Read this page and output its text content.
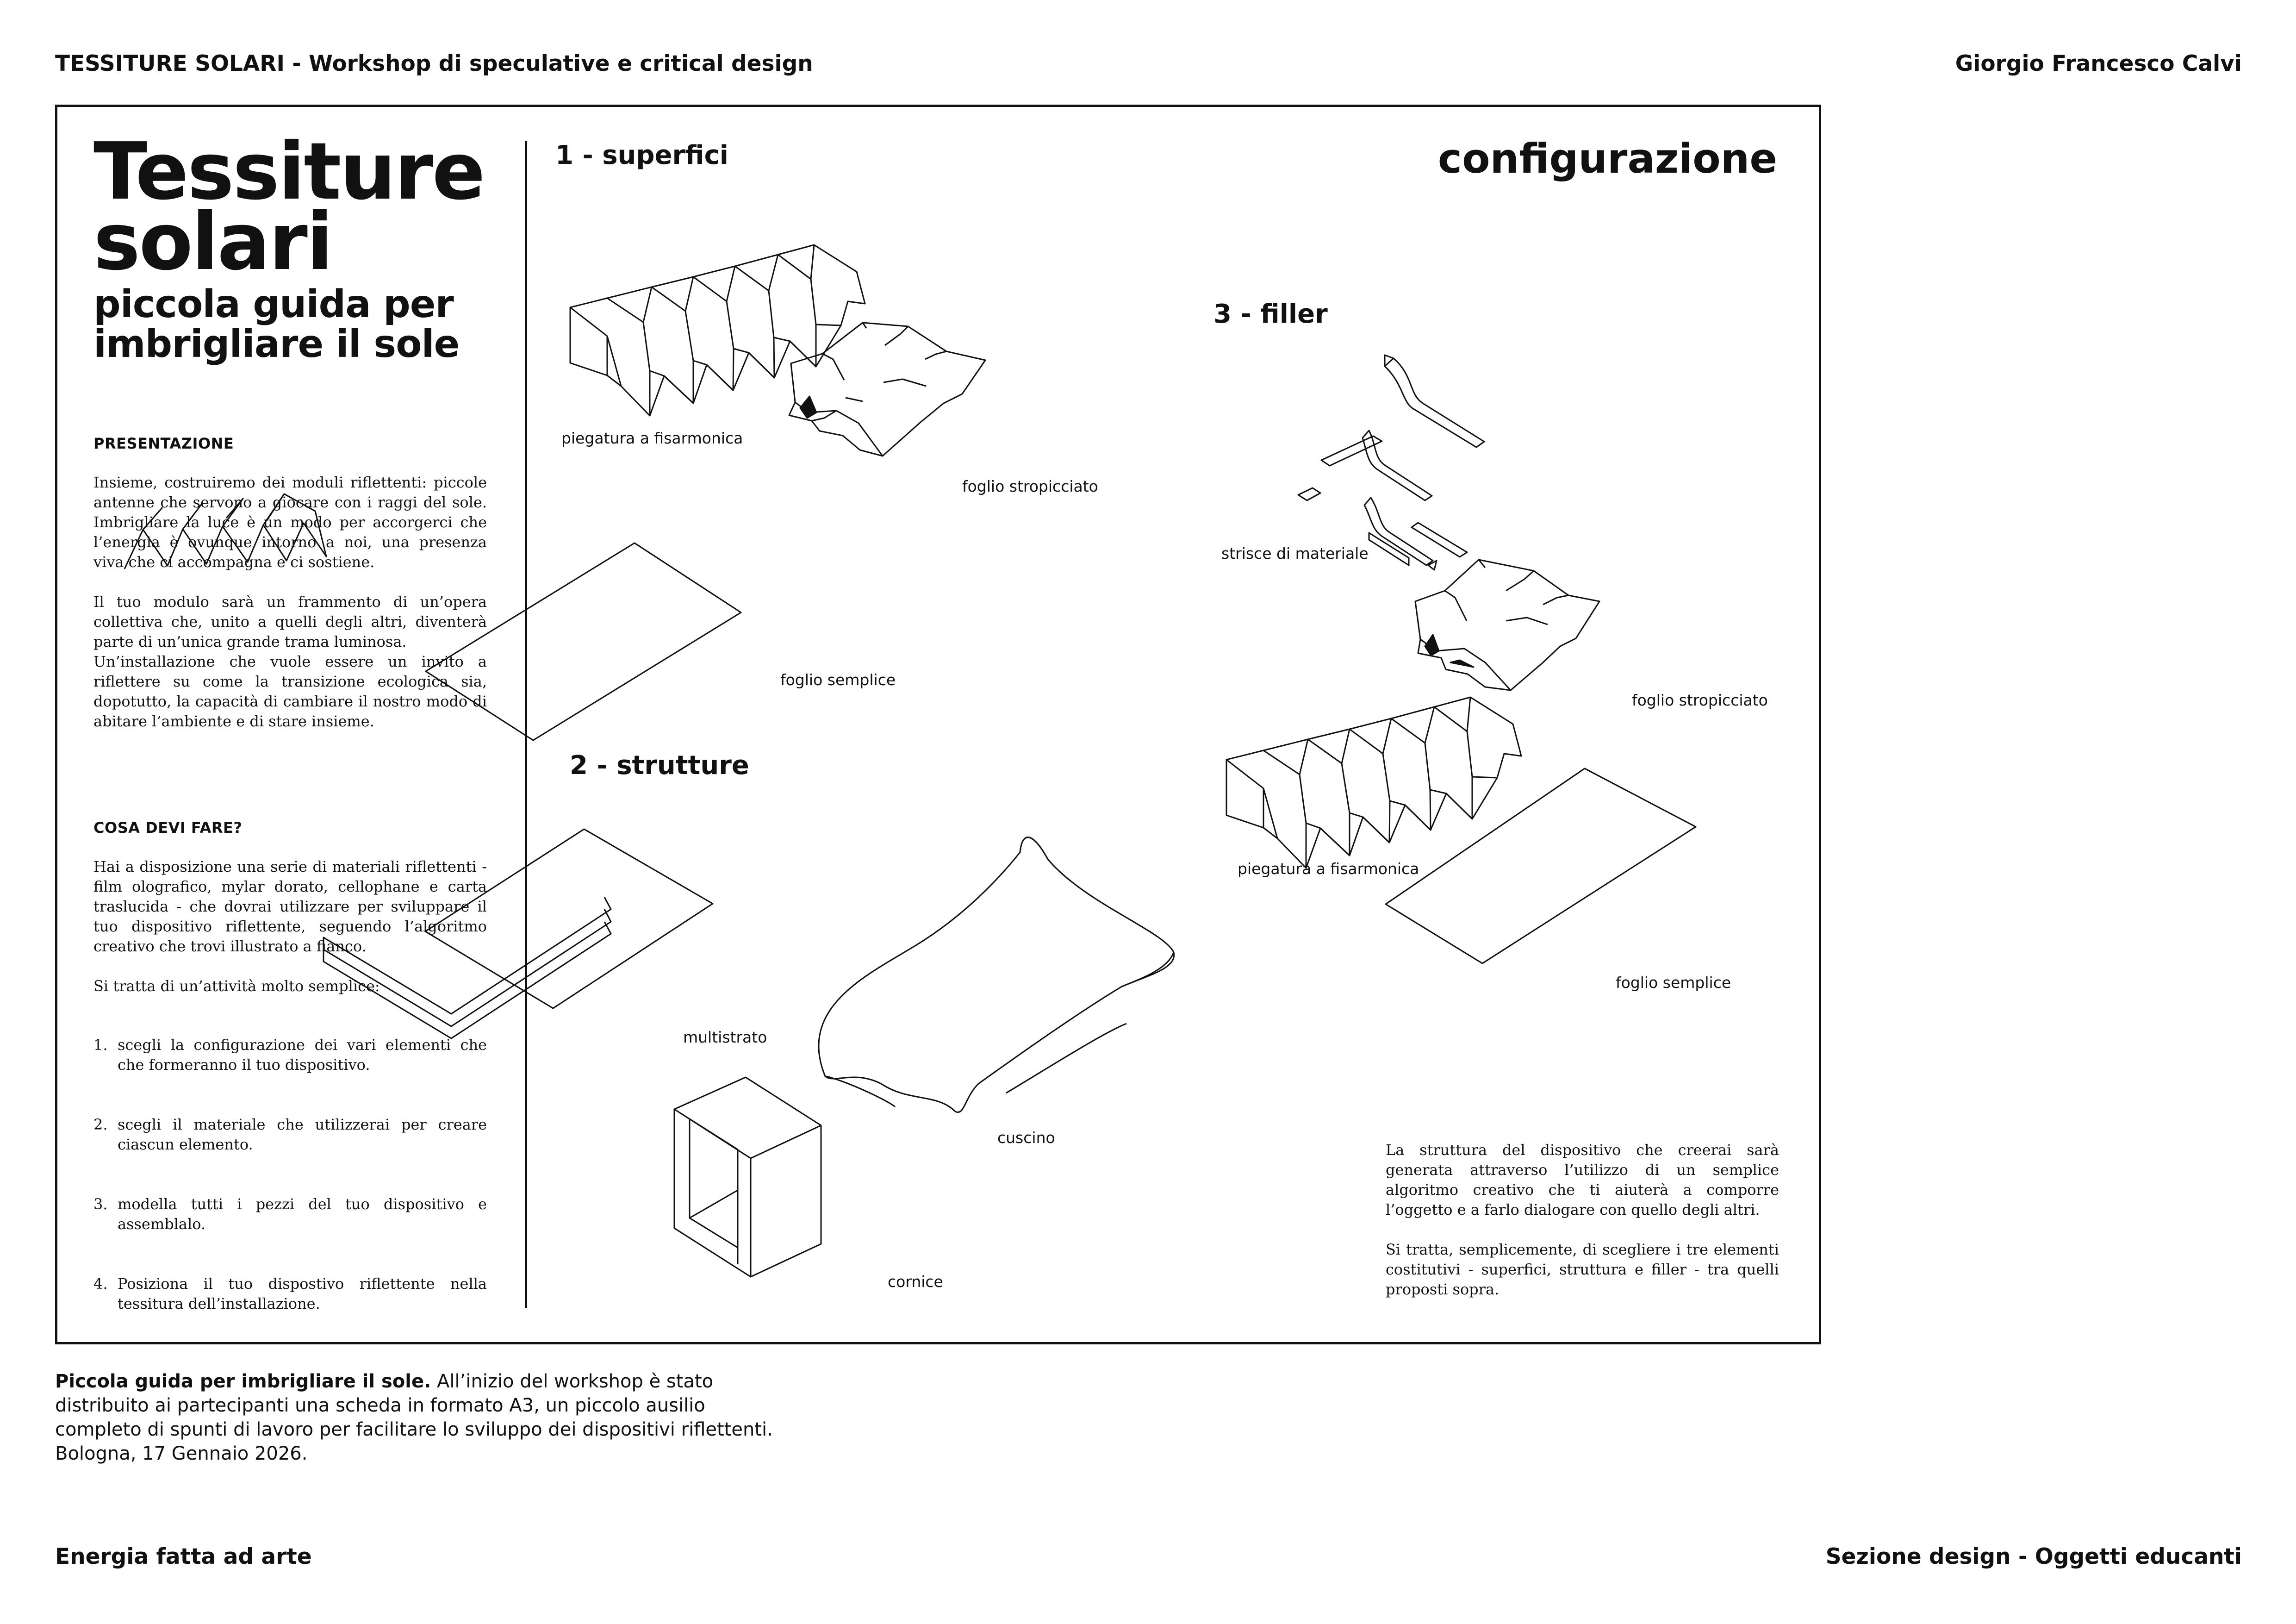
TESSITURE SOLARI - Workshop di speculative e critical design	Giorgio Francesco Calvi
Tessiture
solari
piccola guida per
imbrigliare il sole
PRESENTAZIONE
Insieme, costruiremo dei moduli riflettenti: piccole antenne che servono a giocare con i raggi del sole. Imbrigliare la luce è un modo per accorgerci che l’energia è ovunque intorno a noi, una presenza viva che ci accompagna e ci sostiene.

Il tuo modulo sarà un frammento di un’opera collettiva che, unito a quelli degli altri, diventerà parte di un’unica grande trama luminosa.
Un’installazione che vuole essere un invito a riflettere su come la transizione ecologica sia, dopotutto, la capacità di cambiare il nostro modo di abitare l’ambiente e di stare insieme.
COSA DEVI FARE?
Hai a disposizione una serie di materiali riflettenti - film olografico, mylar dorato, cellophane e carta traslucida - che dovrai utilizzare per sviluppare il tuo dispositivo riflettente, seguendo l’algoritmo creativo che trovi illustrato a fianco.

Si tratta di un’attività molto semplice:

1. scegli la configurazione dei vari elementi che che formeranno il tuo dispositivo.

2. scegli il materiale che utilizzerai per creare ciascun elemento.

3. modella tutti i pezzi del tuo dispositivo e assemblalo.

4. Posiziona il tuo dispostivo riflettente nella tessitura dell’installazione.

configurazione
1 - superfici
2 - strutture
3 - filler
piegatura a fisarmonica
foglio stropicciato
foglio semplice
multistrato
cuscino
cornice
strisce di materiale
foglio stropicciato
piegatura a fisarmonica
foglio semplice
La struttura del dispositivo che creerai sarà generata attraverso l’utilizzo di un semplice algoritmo creativo che ti aiuterà a comporre l’oggetto e a farlo dialogare con quello degli altri.

Si tratta, semplicemente, di scegliere i tre elementi costitutivi - superfici, struttura e filler - tra quelli proposti sopra.
Piccola guida per imbrigliare il sole. All’inizio del workshop è stato distribuito ai partecipanti una scheda in formato A3, un piccolo ausilio completo di spunti di lavoro per facilitare lo sviluppo dei dispositivi riflettenti. Bologna, 17 Gennaio 2026.
Energia fatta ad arte	Sezione design - Oggetti educanti
